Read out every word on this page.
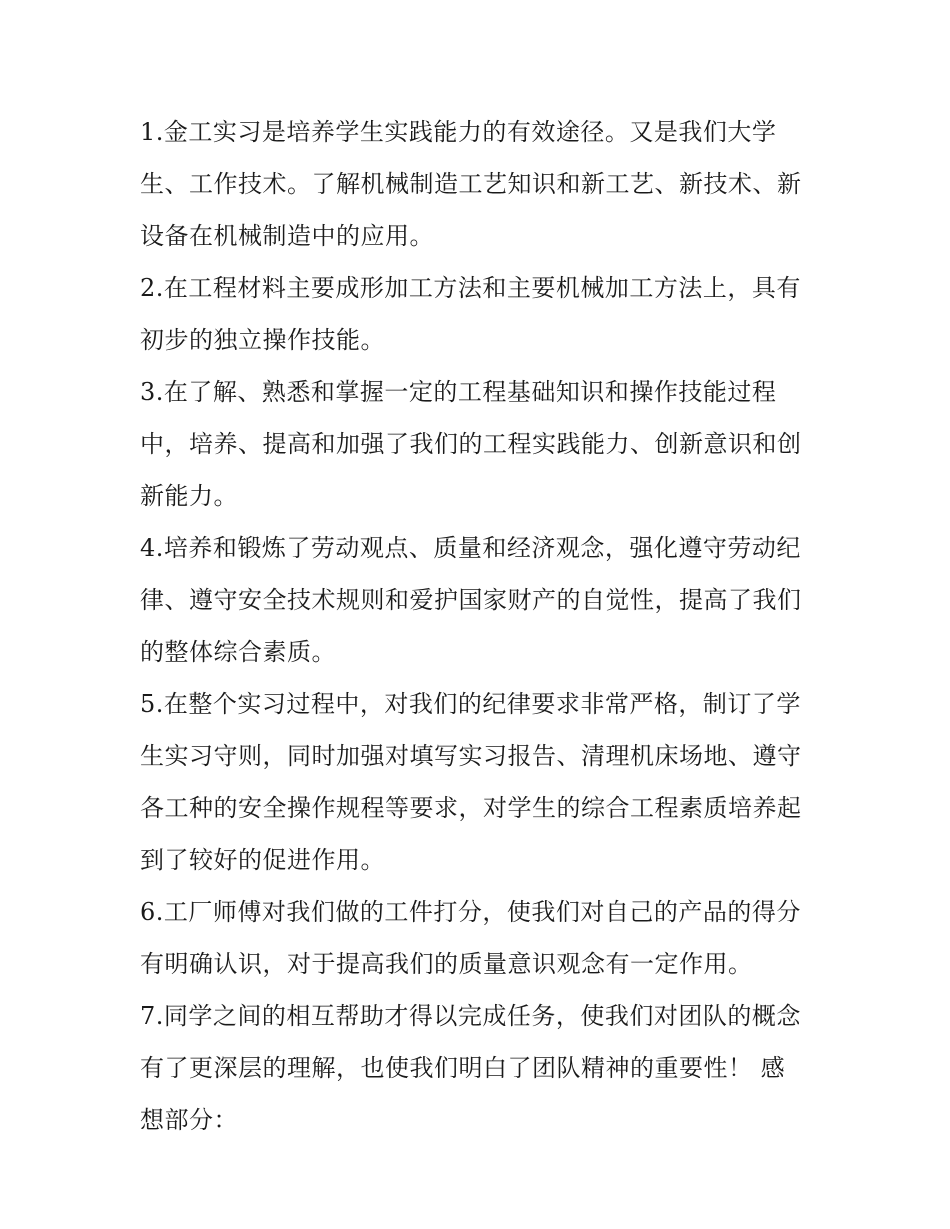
1.金工实习是培养学生实践能力的有效途径。又是我们大学
生、工作技术。了解机械制造工艺知识和新工艺、新技术、新
设备在机械制造中的应用。
2.在工程材料主要成形加工方法和主要机械加工方法上，具有
初步的独立操作技能。
3.在了解、熟悉和掌握一定的工程基础知识和操作技能过程
中，培养、提高和加强了我们的工程实践能力、创新意识和创
新能力。
4.培养和锻炼了劳动观点、质量和经济观念，强化遵守劳动纪
律、遵守安全技术规则和爱护国家财产的自觉性，提高了我们
的整体综合素质。
5.在整个实习过程中，对我们的纪律要求非常严格，制订了学
生实习守则，同时加强对填写实习报告、清理机床场地、遵守
各工种的安全操作规程等要求，对学生的综合工程素质培养起
到了较好的促进作用。
6.工厂师傅对我们做的工件打分，使我们对自己的产品的得分
有明确认识，对于提高我们的质量意识观念有一定作用。
7.同学之间的相互帮助才得以完成任务，使我们对团队的概念
有了更深层的理解，也使我们明白了团队精神的重要性！ 感
想部分：
